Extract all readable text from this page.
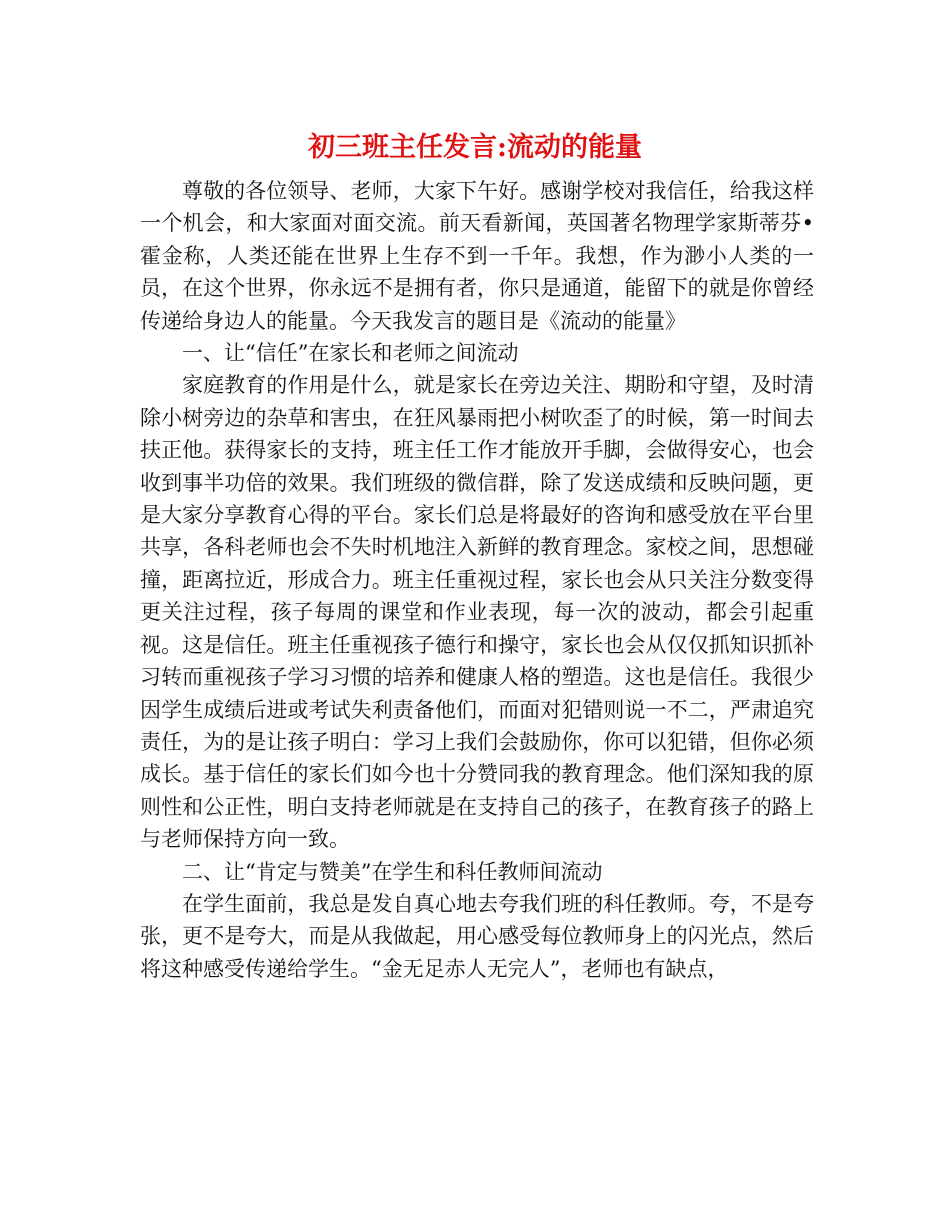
初三班主任发言:流动的能量

尊敬的各位领导、老师，大家下午好。感谢学校对我信任，给我这样一个机会，和大家面对面交流。前天看新闻，英国著名物理学家斯蒂芬•霍金称，人类还能在世界上生存不到一千年。我想，作为渺小人类的一员，在这个世界，你永远不是拥有者，你只是通道，能留下的就是你曾经传递给身边人的能量。今天我发言的题目是《流动的能量》

一、让“信任”在家长和老师之间流动

家庭教育的作用是什么，就是家长在旁边关注、期盼和守望，及时清除小树旁边的杂草和害虫，在狂风暴雨把小树吹歪了的时候，第一时间去扶正他。获得家长的支持，班主任工作才能放开手脚，会做得安心，也会收到事半功倍的效果。我们班级的微信群，除了发送成绩和反映问题，更是大家分享教育心得的平台。家长们总是将最好的咨询和感受放在平台里共享，各科老师也会不失时机地注入新鲜的教育理念。家校之间，思想碰撞，距离拉近，形成合力。班主任重视过程，家长也会从只关注分数变得更关注过程，孩子每周的课堂和作业表现，每一次的波动，都会引起重视。这是信任。班主任重视孩子德行和操守，家长也会从仅仅抓知识抓补习转而重视孩子学习习惯的培养和健康人格的塑造。这也是信任。我很少因学生成绩后进或考试失利责备他们，而面对犯错则说一不二，严肃追究责任，为的是让孩子明白：学习上我们会鼓励你，你可以犯错，但你必须成长。基于信任的家长们如今也十分赞同我的教育理念。他们深知我的原则性和公正性，明白支持老师就是在支持自己的孩子，在教育孩子的路上与老师保持方向一致。

二、让“肯定与赞美”在学生和科任教师间流动

在学生面前，我总是发自真心地去夸我们班的科任教师。夸，不是夸张，更不是夸大，而是从我做起，用心感受每位教师身上的闪光点，然后将这种感受传递给学生。“金无足赤人无完人”，老师也有缺点，
